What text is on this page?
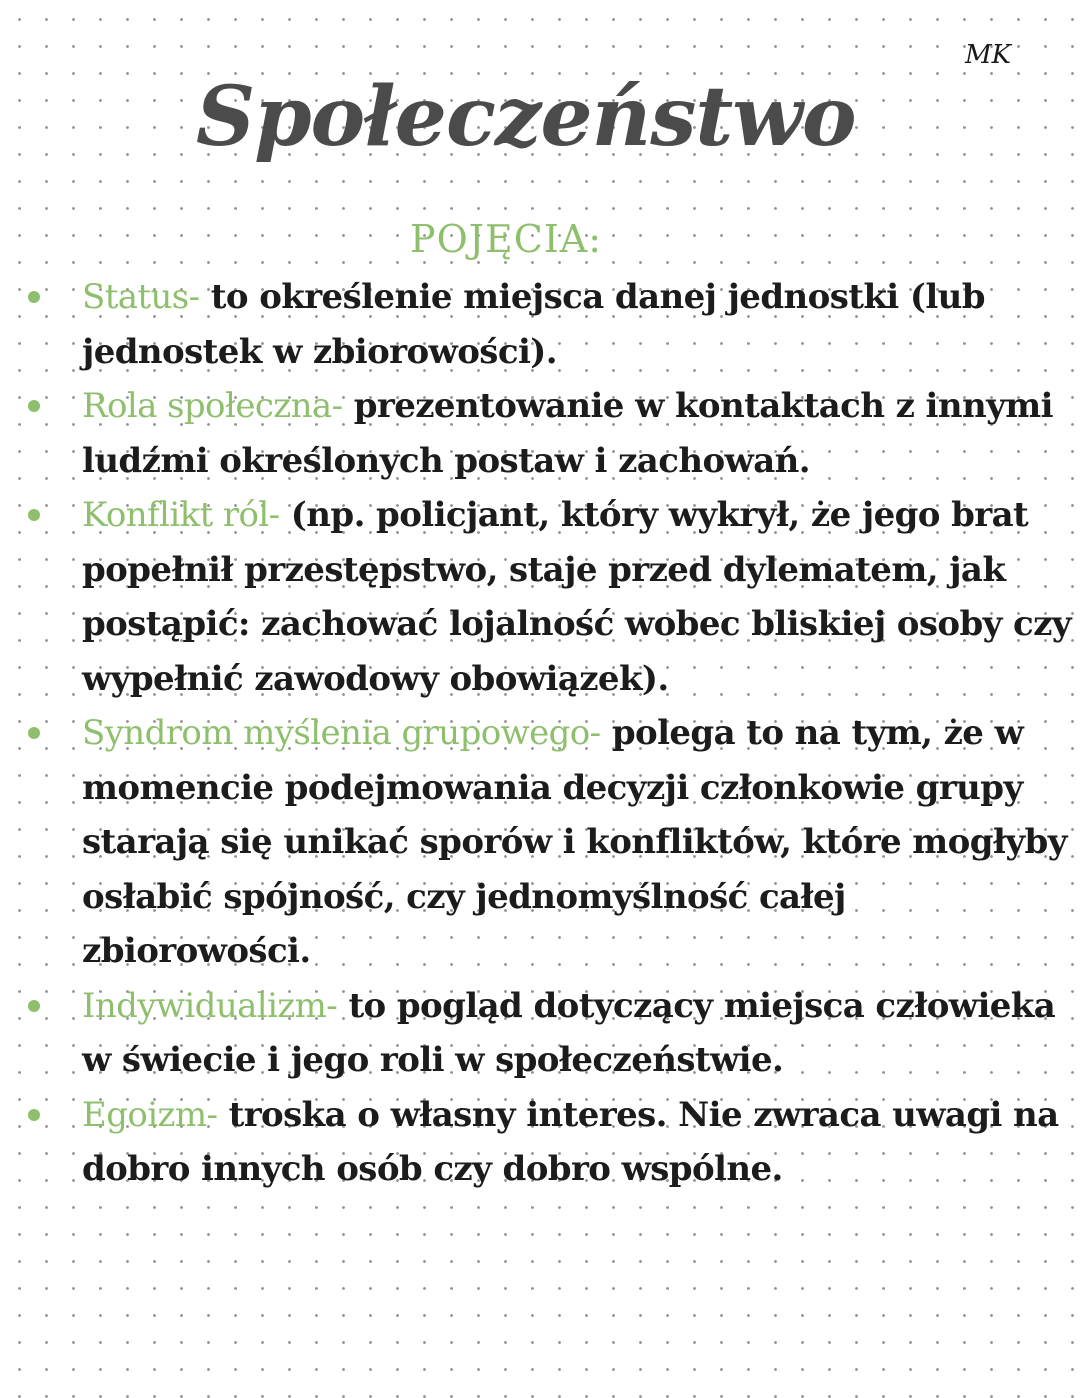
MK
Społeczeństwo
POJĘCIA:
Status- to określenie miejsca danej jednostki (lub jednostek w zbiorowości).
Rola społeczna- prezentowanie w kontaktach z innymi ludźmi określonych postaw i zachowań.
Konflikt ról- (np. policjant, który wykrył, że jego brat popełnił przestępstwo, staje przed dylematem, jak postąpić: zachować lojalność wobec bliskiej osoby czy wypełnić zawodowy obowiązek).
Syndrom myślenia grupowego- polega to na tym, że w momencie podejmowania decyzji członkowie grupy starają się unikać sporów i konfliktów, które mogłyby osłabić spójność, czy jednomyślność całej zbiorowości.
Indywidualizm- to pogląd dotyczący miejsca człowieka w świecie i jego roli w społeczeństwie.
Egoizm- troska o własny interes. Nie zwraca uwagi na dobro innych osób czy dobro wspólne.
